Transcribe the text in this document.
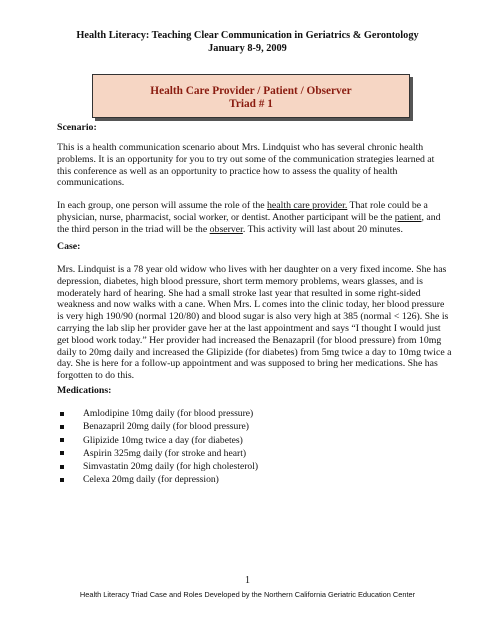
Health Literacy: Teaching Clear Communication in Geriatrics & Gerontology
January 8-9, 2009
Health Care Provider / Patient / Observer
Triad # 1
Scenario:
This is a health communication scenario about Mrs. Lindquist who has several chronic health
problems. It is an opportunity for you to try out some of the communication strategies learned at
this conference as well as an opportunity to practice how to assess the quality of health
communications.
In each group, one person will assume the role of the health care provider. That role could be a
physician, nurse, pharmacist, social worker, or dentist. Another participant will be the patient, and
the third person in the triad will be the observer. This activity will last about 20 minutes.
Case:
Mrs. Lindquist is a 78 year old widow who lives with her daughter on a very fixed income. She has
depression, diabetes, high blood pressure, short term memory problems, wears glasses, and is
moderately hard of hearing. She had a small stroke last year that resulted in some right-sided
weakness and now walks with a cane. When Mrs. L comes into the clinic today, her blood pressure
is very high 190/90 (normal 120/80) and blood sugar is also very high at 385 (normal < 126). She is
carrying the lab slip her provider gave her at the last appointment and says “I thought I would just
get blood work today.” Her provider had increased the Benazapril (for blood pressure) from 10mg
daily to 20mg daily and increased the Glipizide (for diabetes) from 5mg twice a day to 10mg twice a
day. She is here for a follow-up appointment and was supposed to bring her medications. She has
forgotten to do this.
Medications:
Amlodipine 10mg daily (for blood pressure)
Benazapril 20mg daily (for blood pressure)
Glipizide 10mg twice a day (for diabetes)
Aspirin 325mg daily (for stroke and heart)
Simvastatin 20mg daily (for high cholesterol)
Celexa 20mg daily (for depression)
1
Health Literacy Triad Case and Roles Developed by the Northern California Geriatric Education Center
